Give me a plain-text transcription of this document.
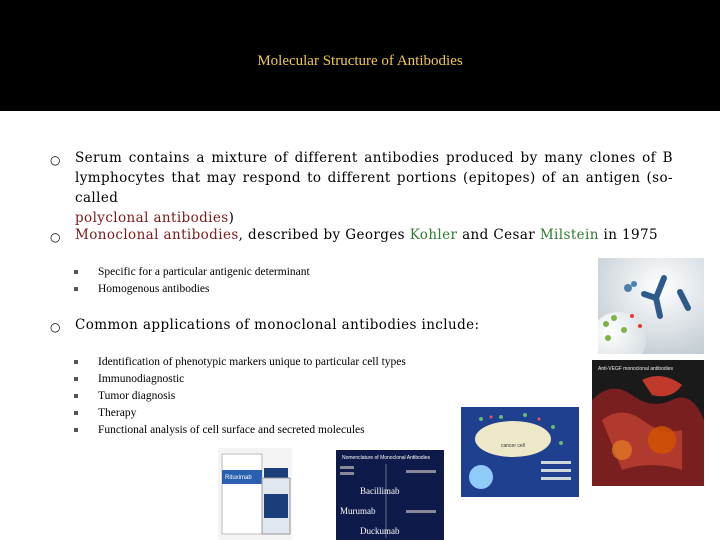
Molecular Structure of Antibodies
○ Serum contains a mixture of different antibodies produced by many clones of B
lymphocytes that may respond to different portions (epitopes) of an antigen (so-called
polyclonal antibodies)
○ Monoclonal antibodies, described by Georges Kohler and Cesar Milstein in 1975
Specific for a particular antigenic determinant
Homogenous antibodies
○ Common applications of monoclonal antibodies include:
Identification of phenotypic markers unique to particular cell types
Immunodiagnostic
Tumor diagnosis
Therapy
Functional analysis of cell surface and secreted molecules
Anti-VEGF monoclonal antibodies
cancer cell
Rituximab
Nomenclature of Monoclonal Antibodies
Bacillimab
Murumab
Duckumab
